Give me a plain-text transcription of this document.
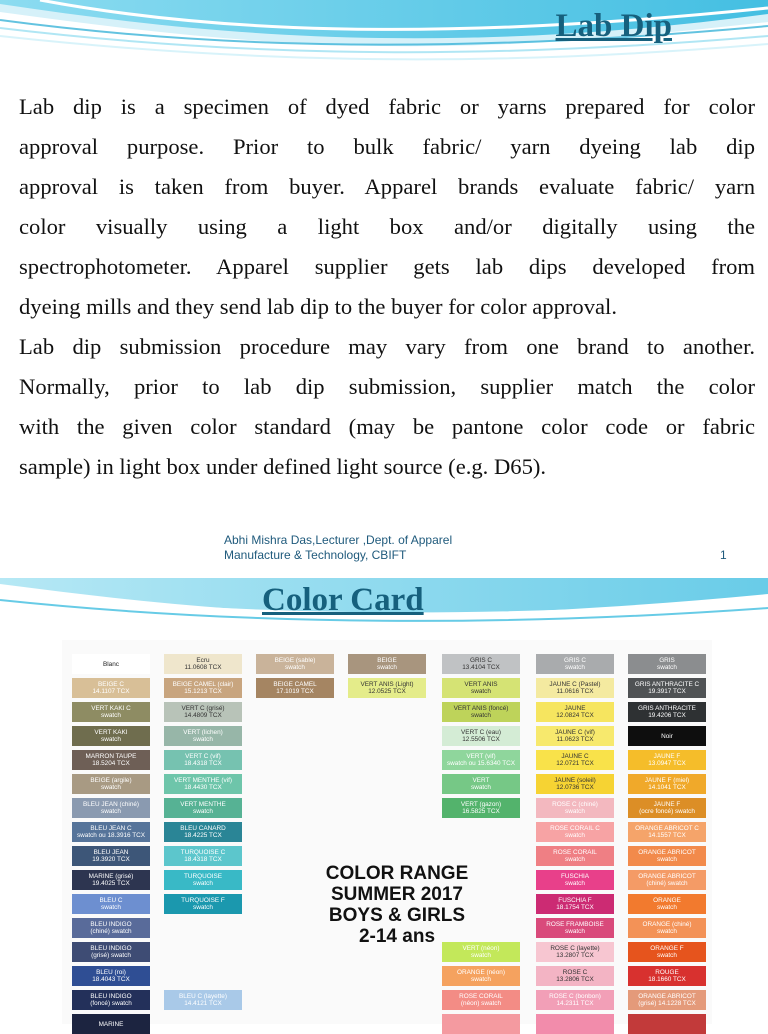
Lab Dip
Lab dip is a specimen of dyed fabric or yarns prepared for color
approval purpose. Prior to bulk fabric/ yarn dyeing lab dip
approval is taken from buyer. Apparel brands evaluate fabric/ yarn
color visually using a light box and/or digitally using the
spectrophotometer. Apparel supplier gets lab dips developed from
dyeing mills and they send lab dip to the buyer for color approval.
Lab dip submission procedure may vary from one brand to another.
Normally, prior to lab dip submission, supplier match the color
with the given color standard (may be pantone color code or fabric
sample) in light box under defined light source (e.g. D65).
Abhi Mishra Das,Lecturer ,Dept. of Apparel
Manufacture & Technology, CBIFT	1
Color Card
COLOR RANGE
SUMMER 2017
BOYS & GIRLS
2-14 ans
Blanc
BEIGE C
14.1107 TCX
VERT KAKI C
swatch
VERT KAKI
swatch
MARRON TAUPE
18.5204 TCX
BEIGE (argile)
swatch
BLEU JEAN (chiné)
swatch
BLEU JEAN C
swatch ou 18.3916 TCX
BLEU JEAN
19.3920 TCX
MARINE (grisé)
19.4025 TCX
BLEU C
swatch
BLEU INDIGO
(chiné) swatch
BLEU INDIGO
(grisé) swatch
BLEU (roi)
18.4043 TCX
BLEU INDIGO
(foncé) swatch
MARINE
Ecru
11.0608 TCX
BEIGE CAMEL (clair)
15.1213 TCX
VERT C (grisé)
14.4809 TCX
VERT (lichen)
swatch
VERT C (vif)
18.4318 TCX
VERT MENTHE (vif)
18.4430 TCX
VERT MENTHE
swatch
BLEU CANARD
18.4225 TCX
TURQUOISE C
18.4318 TCX
TURQUOISE
swatch
TURQUOISE F
swatch
BLEU C (layette)
14.4121 TCX
BEIGE (sable)
swatch
BEIGE CAMEL
17.1019 TCX
BEIGE
swatch
VERT ANIS (Light)
12.0525 TCX
GRIS C
13.4104 TCX
VERT ANIS
swatch
VERT ANIS (foncé)
swatch
VERT C (eau)
12.5506 TCX
VERT (vif)
swatch ou 15.6340 TCX
VERT
swatch
VERT (gazon)
16.5825 TCX
VERT (néon)
swatch
ORANGE (néon)
swatch
ROSE CORAIL
(néon) swatch
GRIS C
swatch
JAUNE C (Pastel)
11.0616 TCX
JAUNE
12.0824 TCX
JAUNE C (vif)
11.0623 TCX
JAUNE C
12.0721 TCX
JAUNE (soleil)
12.0736 TCX
ROSE C (chiné)
swatch
ROSE CORAIL C
swatch
ROSE CORAIL
swatch
FUSCHIA
swatch
FUSCHIA F
18.1754 TCX
ROSE FRAMBOISE
swatch
ROSE C (layette)
13.2807 TCX
ROSE C
13.2806 TCX
ROSE C (bonbon)
14.2311 TCX
GRIS
swatch
GRIS ANTHRACITE C
19.3917 TCX
GRIS ANTHRACITE
19.4206 TCX
Noir
JAUNE F
13.0947 TCX
JAUNE F (miel)
14.1041 TCX
JAUNE F
(ocre foncé) swatch
ORANGE ABRICOT C
14.1557 TCX
ORANGE ABRICOT
swatch
ORANGE ABRICOT
(chiné) swatch
ORANGE
swatch
ORANGE (chiné)
swatch
ORANGE F
swatch
ROUGE
18.1660 TCX
ORANGE ABRICOT
(grisé) 14.1228 TCX
